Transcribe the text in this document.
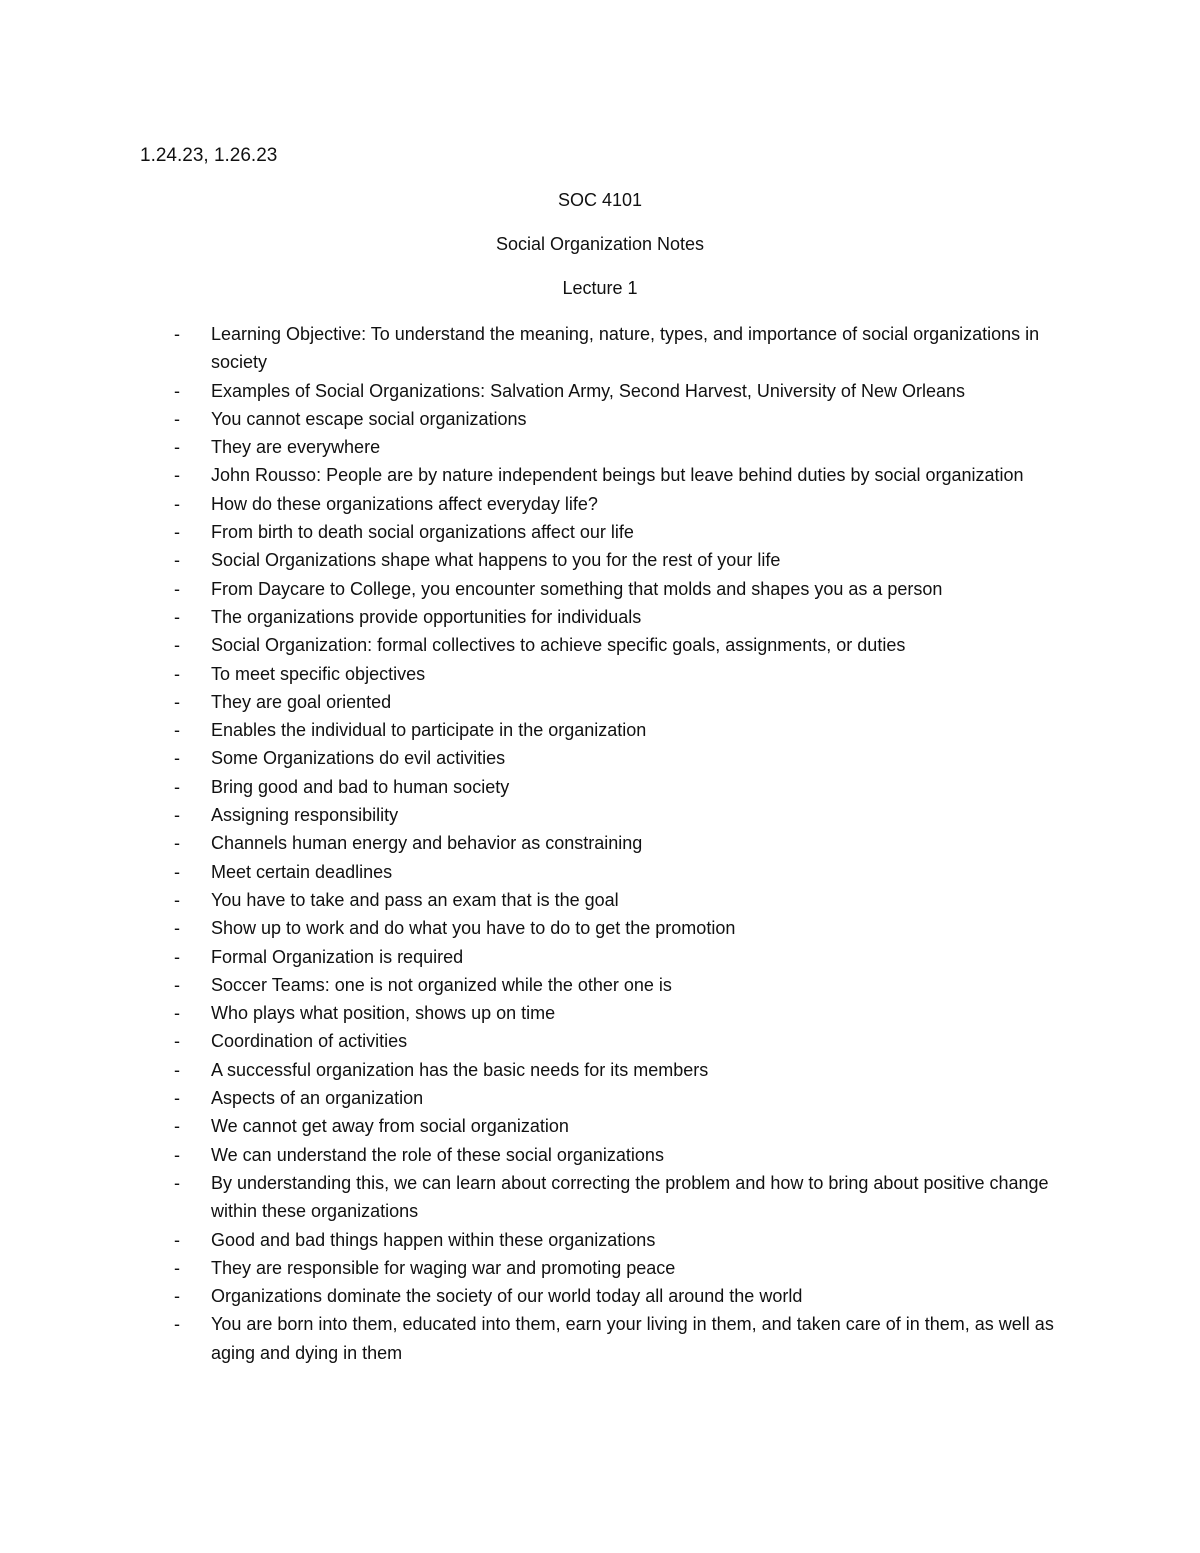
1.24.23, 1.26.23
SOC 4101
Social Organization Notes
Lecture 1
- Learning Objective: To understand the meaning, nature, types, and importance of social organizations in society
- Examples of Social Organizations: Salvation Army, Second Harvest, University of New Orleans
- You cannot escape social organizations
- They are everywhere
- John Rousso: People are by nature independent beings but leave behind duties by social organization
- How do these organizations affect everyday life?
- From birth to death social organizations affect our life
- Social Organizations shape what happens to you for the rest of your life
- From Daycare to College, you encounter something that molds and shapes you as a person
- The organizations provide opportunities for individuals
- Social Organization: formal collectives to achieve specific goals, assignments, or duties
- To meet specific objectives
- They are goal oriented
- Enables the individual to participate in the organization
- Some Organizations do evil activities
- Bring good and bad to human society
- Assigning responsibility
- Channels human energy and behavior as constraining
- Meet certain deadlines
- You have to take and pass an exam that is the goal
- Show up to work and do what you have to do to get the promotion
- Formal Organization is required
- Soccer Teams: one is not organized while the other one is
- Who plays what position, shows up on time
- Coordination of activities
- A successful organization has the basic needs for its members
- Aspects of an organization
- We cannot get away from social organization
- We can understand the role of these social organizations
- By understanding this, we can learn about correcting the problem and how to bring about positive change within these organizations
- Good and bad things happen within these organizations
- They are responsible for waging war and promoting peace
- Organizations dominate the society of our world today all around the world
- You are born into them, educated into them, earn your living in them, and taken care of in them, as well as aging and dying in them
